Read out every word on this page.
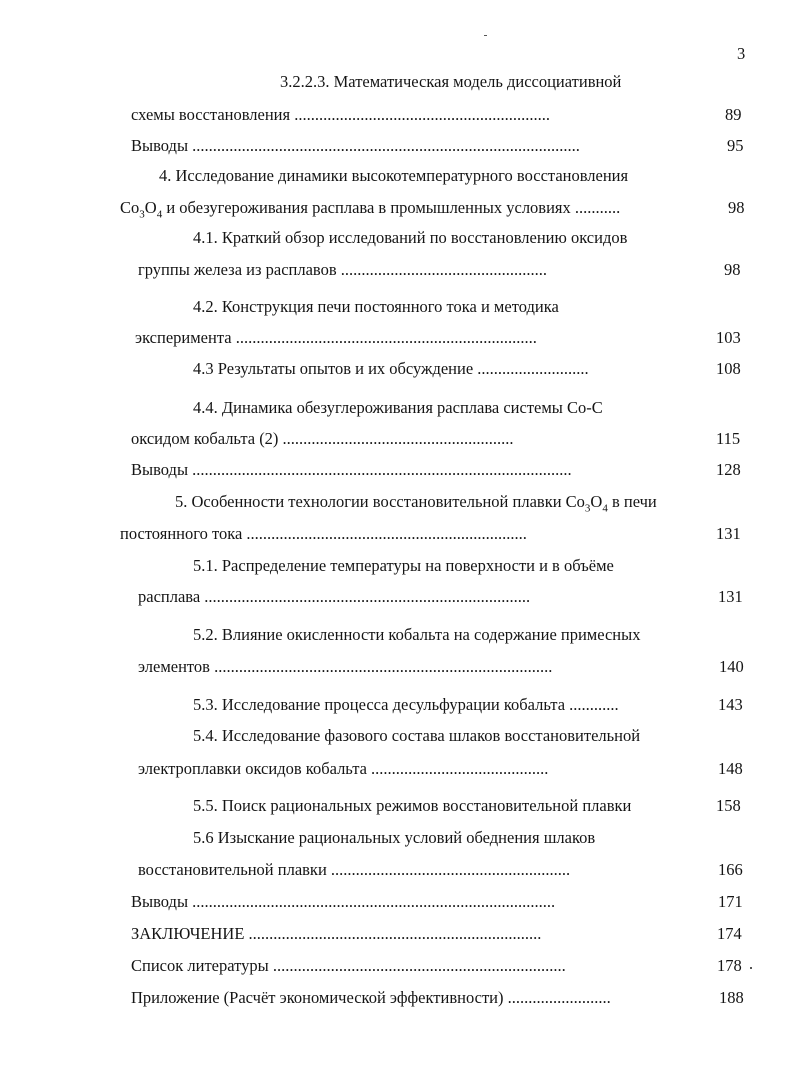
3
3.2.2.3. Математическая модель диссоциативной
схемы восстановления ..............................................................	89
Выводы ..............................................................................................	95
4. Исследование динамики высокотемпературного восстановления
$Co_3O_4$ и обезугероживания расплава в промышленных условиях ...........	98
4.1. Краткий обзор исследований по восстановлению оксидов
группы железа из расплавов ..................................................	98
4.2. Конструкция печи постоянного тока и методика
эксперимента .........................................................................	103
4.3 Результаты опытов и их обсуждение ...........................	108
4.4. Динамика обезуглероживания расплава системы Co-C
оксидом кобальта (2) ........................................................	115
Выводы ............................................................................................	128
5. Особенности технологии восстановительной плавки $Co_3O_4$ в печи
постоянного тока ....................................................................	131
5.1. Распределение температуры на поверхности и в объёме
расплава ...............................................................................	131
5.2. Влияние окисленности кобальта на содержание примесных
элементов ..................................................................................	140
5.3. Исследование процесса десульфурации кобальта ............	143
5.4. Исследование фазового состава шлаков восстановительной
электроплавки оксидов кобальта ...........................................	148
5.5. Поиск рациональных режимов восстановительной плавки	158
5.6 Изыскание рациональных условий обеднения шлаков
восстановительной плавки ..........................................................	166
Выводы ........................................................................................	171
ЗАКЛЮЧЕНИЕ .......................................................................	174
Список литературы .......................................................................	178
Приложение (Расчёт экономической эффективности) .........................	188
